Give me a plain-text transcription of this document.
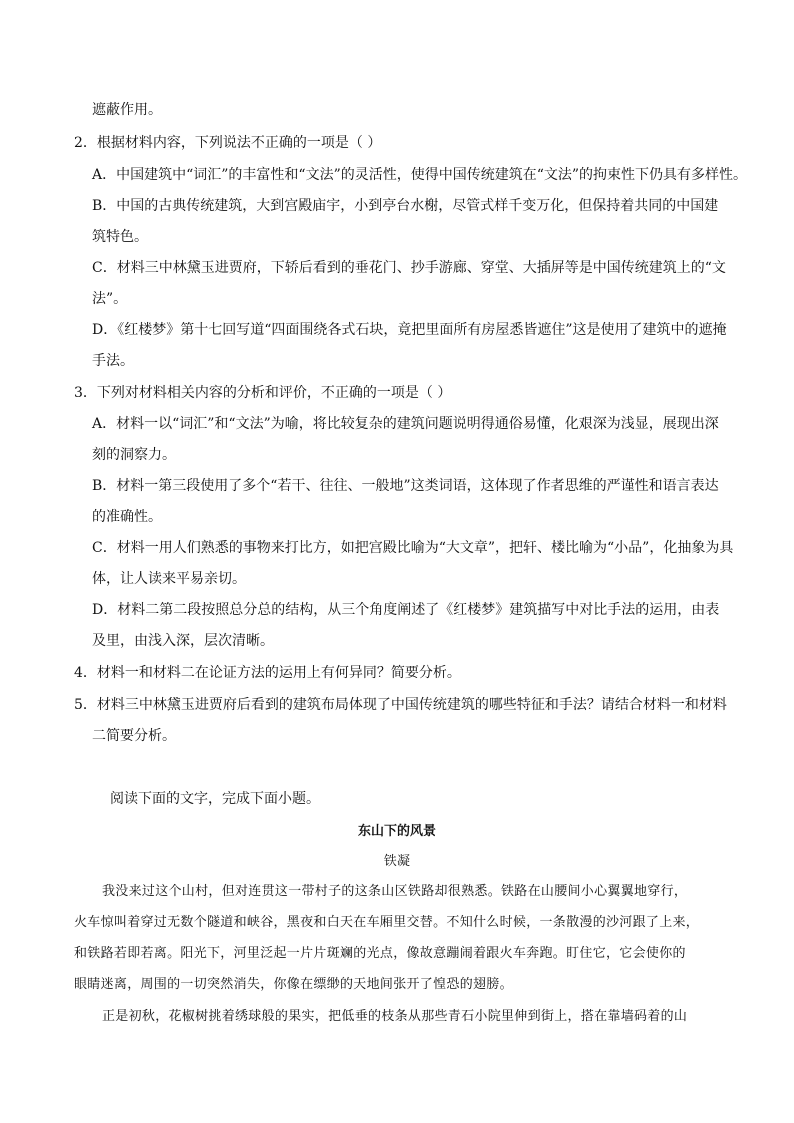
遮蔽作用。
2．根据材料内容，下列说法不正确的一项是（ ）
A．中国建筑中“词汇”的丰富性和“文法”的灵活性，使得中国传统建筑在“文法”的拘束性下仍具有多样性。
B．中国的古典传统建筑，大到宫殿庙宇，小到亭台水榭，尽管式样千变万化，但保持着共同的中国建
筑特色。
C．材料三中林黛玉进贾府，下轿后看到的垂花门、抄手游廊、穿堂、大插屏等是中国传统建筑上的“文
法”。
D．《红楼梦》第十七回写道“四面围绕各式石块，竟把里面所有房屋悉皆遮住”这是使用了建筑中的遮掩
手法。
3．下列对材料相关内容的分析和评价，不正确的一项是（ ）
A．材料一以“词汇”和“文法”为喻，将比较复杂的建筑问题说明得通俗易懂，化艰深为浅显，展现出深
刻的洞察力。
B．材料一第三段使用了多个“若干、往往、一般地”这类词语，这体现了作者思维的严谨性和语言表达
的准确性。
C．材料一用人们熟悉的事物来打比方，如把宫殿比喻为“大文章”，把轩、楼比喻为“小品”，化抽象为具
体，让人读来平易亲切。
D．材料二第二段按照总分总的结构，从三个角度阐述了《红楼梦》建筑描写中对比手法的运用，由表
及里，由浅入深，层次清晰。
4．材料一和材料二在论证方法的运用上有何异同？简要分析。
5．材料三中林黛玉进贾府后看到的建筑布局体现了中国传统建筑的哪些特征和手法？请结合材料一和材料
二简要分析。
阅读下面的文字，完成下面小题。
东山下的风景
铁凝
我没来过这个山村，但对连贯这一带村子的这条山区铁路却很熟悉。铁路在山腰间小心翼翼地穿行，
火车惊叫着穿过无数个隧道和峡谷，黑夜和白天在车厢里交替。不知什么时候，一条散漫的沙河跟了上来，
和铁路若即若离。阳光下，河里泛起一片片斑斓的光点，像故意蹦闹着跟火车奔跑。盯住它，它会使你的
眼睛迷离，周围的一切突然消失，你像在缥缈的天地间张开了惶恐的翅膀。
正是初秋，花椒树挑着绣球般的果实，把低垂的枝条从那些青石小院里伸到街上，搭在靠墙码着的山
